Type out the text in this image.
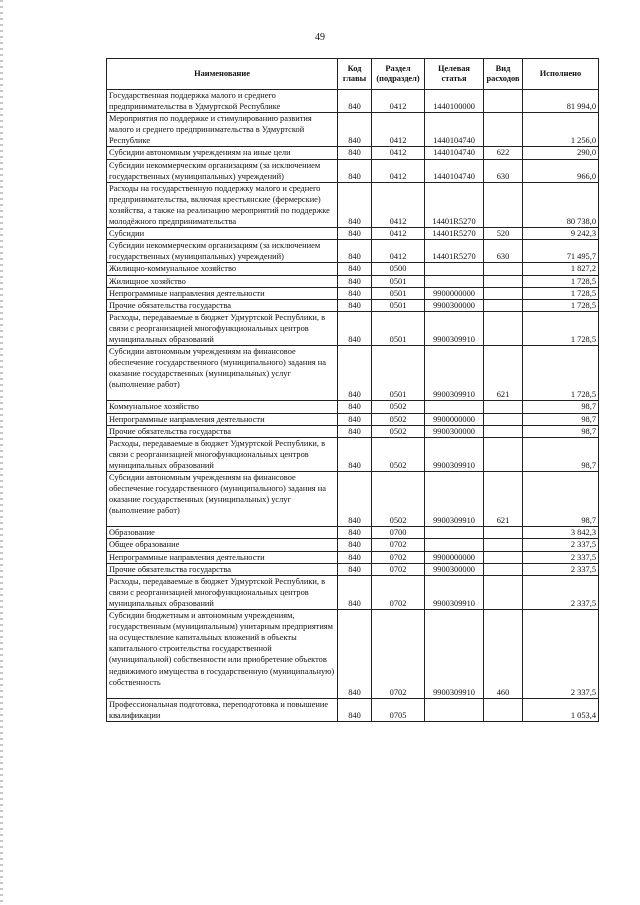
49
Наименование	Код главы	Раздел (подраздел)	Целевая статья	Вид расходов	Исполнено
Государственная поддержка малого и среднего предпринимательства в Удмуртской Республике	840	0412	1440100000		81 994,0
Мероприятия по поддержке и стимулированию развития малого и среднего предпринимательства в Удмуртской Республике	840	0412	1440104740		1 256,0
Субсидии автономным учреждениям на иные цели	840	0412	1440104740	622	290,0
Субсидии некоммерческим организациям (за исключением государственных (муниципальных) учреждений)	840	0412	1440104740	630	966,0
Расходы на государственную поддержку малого и среднего предпринимательства, включая крестьянские (фермерские) хозяйства, а также на реализацию мероприятий по поддержке молодёжного предпринимательства	840	0412	14401R5270		80 738,0
Субсидии	840	0412	14401R5270	520	9 242,3
Субсидии некоммерческим организациям (за исключением государственных (муниципальных) учреждений)	840	0412	14401R5270	630	71 495,7
Жилищно-коммунальное хозяйство	840	0500			1 827,2
Жилищное хозяйство	840	0501			1 728,5
Непрограммные направления деятельности	840	0501	9900000000		1 728,5
Прочие обязательства государства	840	0501	9900300000		1 728,5
Расходы, передаваемые в бюджет Удмуртской Республики, в связи с реорганизацией многофункциональных центров муниципальных образований	840	0501	9900309910		1 728,5
Субсидии автономным учреждениям на финансовое обеспечение государственного (муниципального) задания на оказание государственных (муниципальных) услуг (выполнение работ)	840	0501	9900309910	621	1 728,5
Коммунальное хозяйство	840	0502			98,7
Непрограммные направления деятельности	840	0502	9900000000		98,7
Прочие обязательства государства	840	0502	9900300000		98,7
Расходы, передаваемые в бюджет Удмуртской Республики, в связи с реорганизацией многофункциональных центров муниципальных образований	840	0502	9900309910		98,7
Субсидии автономным учреждениям на финансовое обеспечение государственного (муниципального) задания на оказание государственных (муниципальных) услуг (выполнение работ)	840	0502	9900309910	621	98,7
Образование	840	0700			3 842,3
Общее образование	840	0702			2 337,5
Непрограммные направления деятельности	840	0702	9900000000		2 337,5
Прочие обязательства государства	840	0702	9900300000		2 337,5
Расходы, передаваемые в бюджет Удмуртской Республики, в связи с реорганизацией многофункциональных центров муниципальных образований	840	0702	9900309910		2 337,5
Субсидии бюджетным и автономным учреждениям, государственным (муниципальным) унитарным предприятиям на осуществление капитальных вложений в объекты капитального строительства государственной (муниципальной) собственности или приобретение объектов недвижимого имущества в государственную (муниципальную) собственность	840	0702	9900309910	460	2 337,5
Профессиональная подготовка, переподготовка и повышение квалификации	840	0705			1 053,4
